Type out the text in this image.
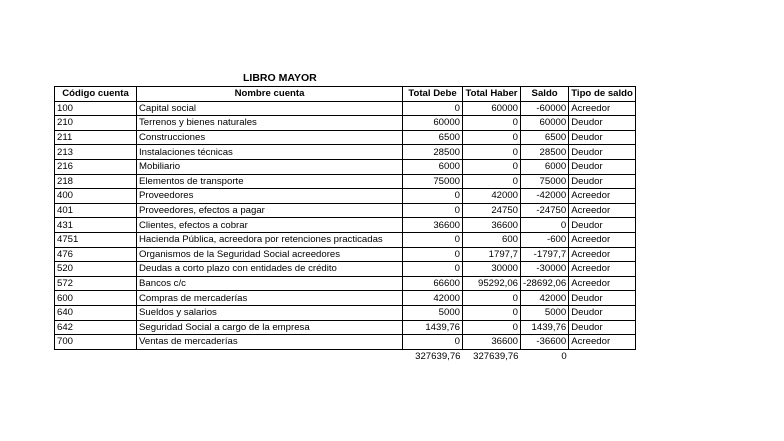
LIBRO MAYOR
Código cuenta	Nombre cuenta	Total Debe	Total Haber	Saldo	Tipo de saldo
100	Capital social	0	60000	-60000	Acreedor
210	Terrenos y bienes naturales	60000	0	60000	Deudor
211	Construcciones	6500	0	6500	Deudor
213	Instalaciones técnicas	28500	0	28500	Deudor
216	Mobiliario	6000	0	6000	Deudor
218	Elementos de transporte	75000	0	75000	Deudor
400	Proveedores	0	42000	-42000	Acreedor
401	Proveedores, efectos a pagar	0	24750	-24750	Acreedor
431	Clientes, efectos a cobrar	36600	36600	0	Deudor
4751	Hacienda Pública, acreedora por retenciones practicadas	0	600	-600	Acreedor
476	Organismos de la Seguridad Social acreedores	0	1797,7	-1797,7	Acreedor
520	Deudas a corto plazo con entidades de crédito	0	30000	-30000	Acreedor
572	Bancos c/c	66600	95292,06	-28692,06	Acreedor
600	Compras de mercaderías	42000	0	42000	Deudor
640	Sueldos y salarios	5000	0	5000	Deudor
642	Seguridad Social a cargo de la empresa	1439,76	0	1439,76	Deudor
700	Ventas de mercaderías	0	36600	-36600	Acreedor
		327639,76	327639,76	0	
